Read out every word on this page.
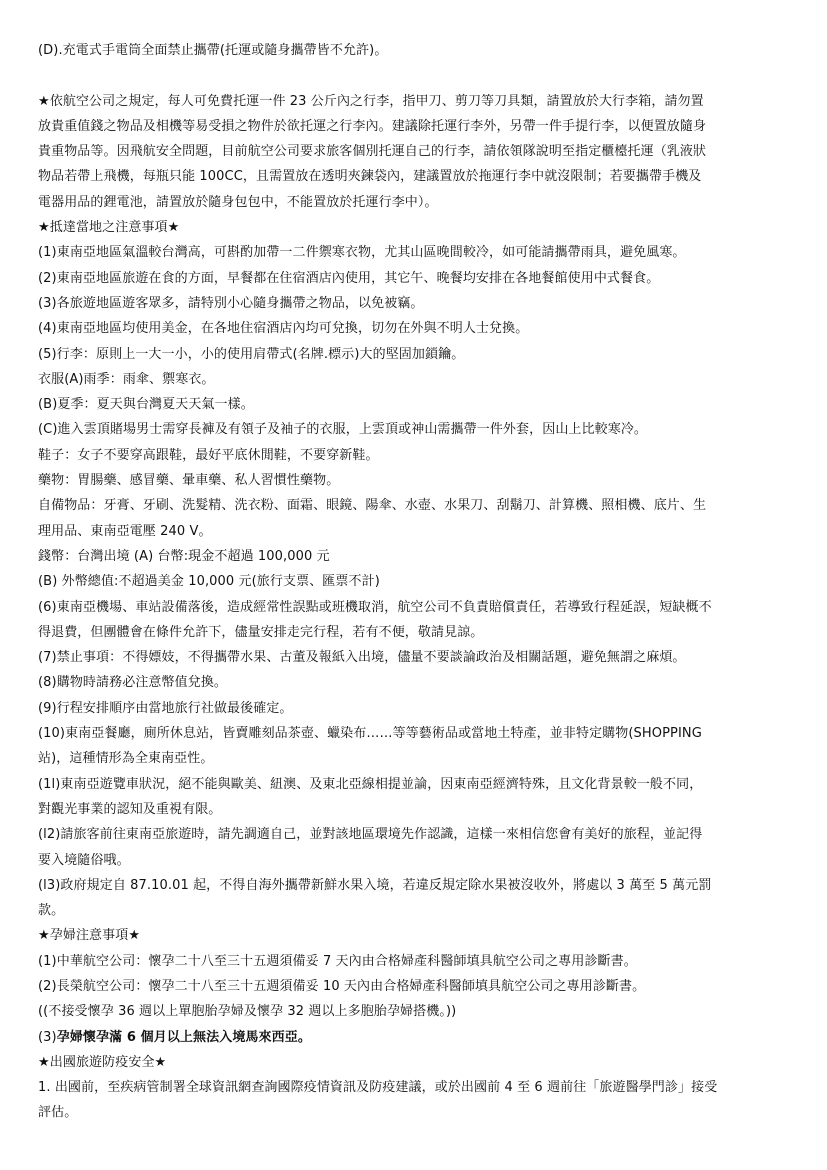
(D).充電式手電筒全面禁止攜帶(托運或隨身攜帶皆不允許)。
★依航空公司之規定，每人可免費托運一件 23 公斤內之行李，指甲刀、剪刀等刀具類，請置放於大行李箱，請勿置
放貴重值錢之物品及相機等易受損之物件於欲托運之行李內。建議除托運行李外，另帶一件手提行李，以便置放隨身
貴重物品等。因飛航安全問題，目前航空公司要求旅客個別托運自己的行李，請依領隊說明至指定櫃檯托運（乳液狀
物品若帶上飛機，每瓶只能 100CC，且需置放在透明夾鍊袋內，建議置放於拖運行李中就沒限制；若要攜帶手機及
電器用品的鋰電池，請置放於隨身包包中，不能置放於托運行李中）。
★抵達當地之注意事項★
(1)東南亞地區氣溫較台灣高，可斟酌加帶一二件禦寒衣物，尤其山區晚間較冷，如可能請攜帶雨具，避免風寒。
(2)東南亞地區旅遊在食的方面，早餐都在住宿酒店內使用，其它午、晚餐均安排在各地餐館使用中式餐食。
(3)各旅遊地區遊客眾多，請特別小心隨身攜帶之物品，以免被竊。
(4)東南亞地區均使用美金，在各地住宿酒店內均可兌換，切勿在外與不明人士兌換。
(5)行李：原則上一大一小，小的使用肩帶式(名牌.標示)大的堅固加鎖鑰。
衣服(A)雨季：雨傘、禦寒衣。
(B)夏季：夏天與台灣夏天天氣一樣。
(C)進入雲頂賭場男士需穿長褲及有領子及袖子的衣服，上雲頂或神山需攜帶一件外套，因山上比較寒冷。
鞋子：女子不要穿高跟鞋，最好平底休閒鞋，不要穿新鞋。
藥物：胃腸藥、感冒藥、暈車藥、私人習慣性藥物。
自備物品：牙膏、牙刷、洗髮精、洗衣粉、面霜、眼鏡、陽傘、水壺、水果刀、刮鬍刀、計算機、照相機、底片、生
理用品、東南亞電壓 240 V。
錢幣：台灣出境 (A) 台幣:現金不超過 100,000 元
(B) 外幣總值:不超過美金 10,000 元(旅行支票、匯票不計)
(6)東南亞機場、車站設備落後，造成經常性誤點或班機取消，航空公司不負責賠償責任，若導致行程延誤，短缺概不
得退費，但團體會在條件允許下，儘量安排走完行程，若有不便，敬請見諒。
(7)禁止事項：不得嫖妓，不得攜帶水果、古董及報紙入出境，儘量不要談論政治及相關話題，避免無謂之麻煩。
(8)購物時請務必注意幣值兌換。
(9)行程安排順序由當地旅行社做最後確定。
(10)東南亞餐廳，廁所休息站，皆賣雕刻品茶壺、蠟染布……等等藝術品或當地土特產，並非特定購物(SHOPPING
站)，這種情形為全東南亞性。
(1l)東南亞遊覽車狀況，絕不能與歐美、紐澳、及東北亞線相提並論，因東南亞經濟特殊，且文化背景較一般不同，
對觀光事業的認知及重視有限。
(l2)請旅客前往東南亞旅遊時，請先調適自己，並對該地區環境先作認識，這樣一來相信您會有美好的旅程，並記得
要入境隨俗哦。
(l3)政府規定自 87.10.01 起，不得自海外攜帶新鮮水果入境，若違反規定除水果被沒收外，將處以 3 萬至 5 萬元罰
款。
★孕婦注意事項★
(1)中華航空公司：懷孕二十八至三十五週須備妥 7 天內由合格婦產科醫師填具航空公司之專用診斷書。
(2)長榮航空公司：懷孕二十八至三十五週須備妥 10 天內由合格婦產科醫師填具航空公司之專用診斷書。
((不接受懷孕 36 週以上單胞胎孕婦及懷孕 32 週以上多胞胎孕婦搭機。))
(3)孕婦懷孕滿 6 個月以上無法入境馬來西亞。
★出國旅遊防疫安全★
1. 出國前，至疾病管制署全球資訊網查詢國際疫情資訊及防疫建議，或於出國前 4 至 6 週前往「旅遊醫學門診」接受
評估。
